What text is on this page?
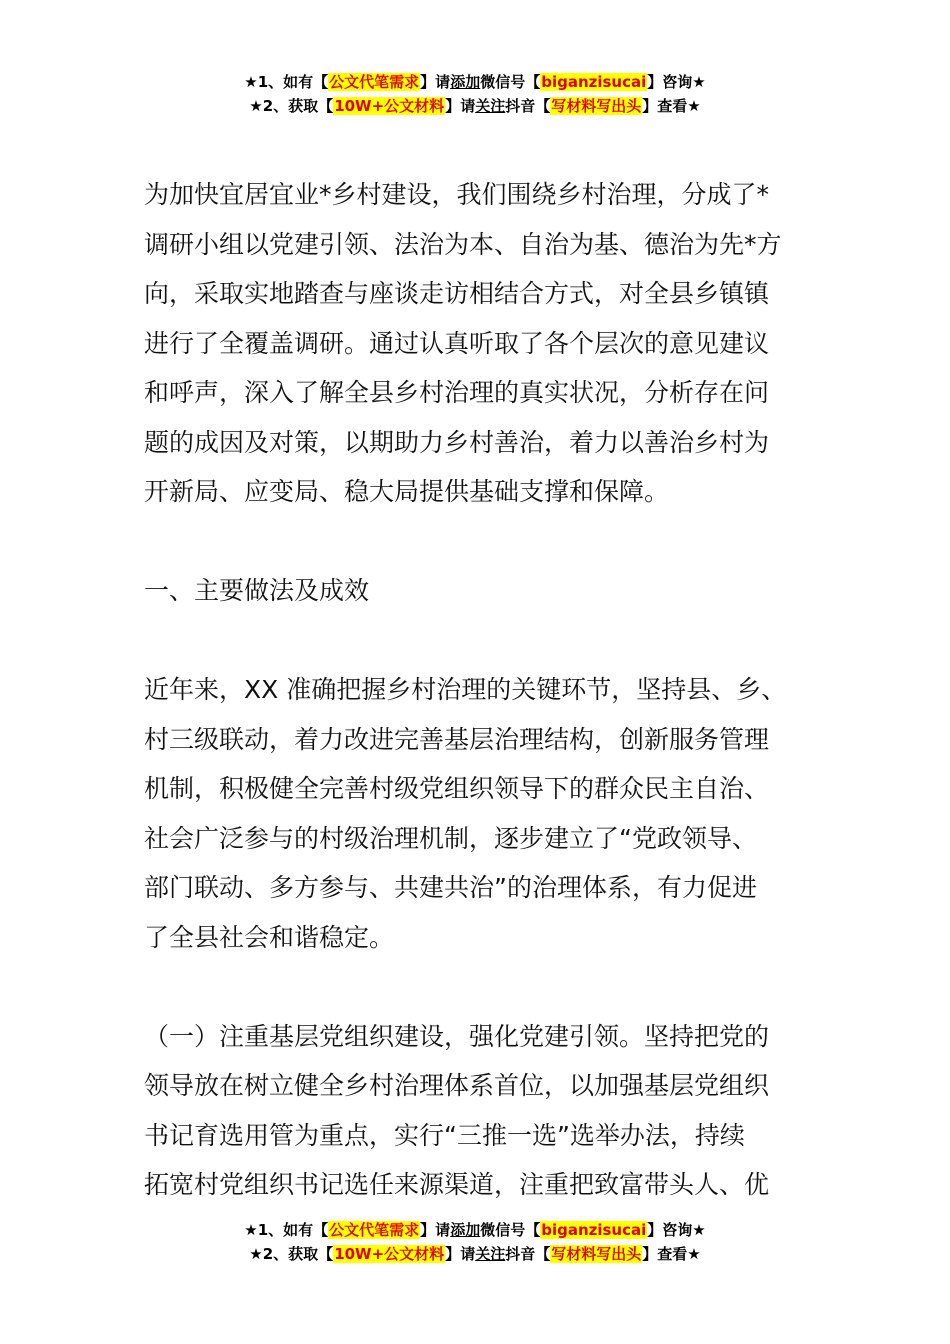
★1、如有【公文代笔需求】请添加微信号【biganzisucai】咨询★
★2、获取【10W+公文材料】请关注抖音【写材料写出头】查看★

为加快宜居宜业*乡村建设，我们围绕乡村治理，分成了*

调研小组以党建引领、法治为本、自治为基、德治为先*方

向，采取实地踏查与座谈走访相结合方式，对全县乡镇镇

进行了全覆盖调研。通过认真听取了各个层次的意见建议

和呼声，深入了解全县乡村治理的真实状况，分析存在问

题的成因及对策，以期助力乡村善治，着力以善治乡村为

开新局、应变局、稳大局提供基础支撑和保障。

一、主要做法及成效

近年来，XX 准确把握乡村治理的关键环节，坚持县、乡、

村三级联动，着力改进完善基层治理结构，创新服务管理

机制，积极健全完善村级党组织领导下的群众民主自治、

社会广泛参与的村级治理机制，逐步建立了“党政领导、

部门联动、多方参与、共建共治”的治理体系，有力促进

了全县社会和谐稳定。

（一）注重基层党组织建设，强化党建引领。坚持把党的

领导放在树立健全乡村治理体系首位，以加强基层党组织

书记育选用管为重点，实行“三推一选”选举办法，持续

拓宽村党组织书记选任来源渠道，注重把致富带头人、优

★1、如有【公文代笔需求】请添加微信号【biganzisucai】咨询★
★2、获取【10W+公文材料】请关注抖音【写材料写出头】查看★
